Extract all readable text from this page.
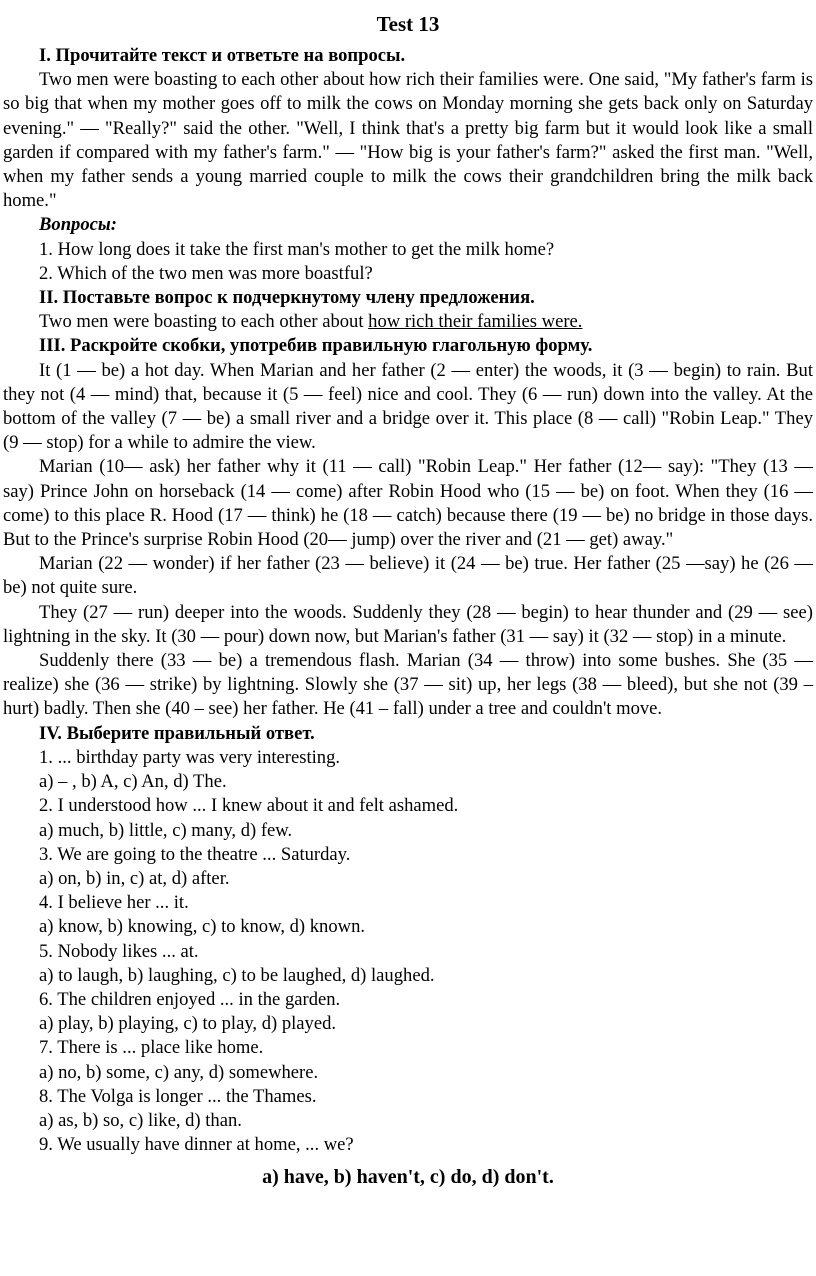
Test 13
I. Прочитайте текст и ответьте на вопросы.

Two men were boasting to each other about how rich their families were. One said, "My father's farm is so big that when my mother goes off to milk the cows on Monday morning she gets back only on Saturday evening." — "Really?" said the other. "Well, I think that's a pretty big farm but it would look like a small garden if compared with my father's farm." — "How big is your father's farm?" asked the first man. "Well, when my father sends a young married couple to milk the cows their grandchildren bring the milk back home."

Вопросы:
1. How long does it take the first man's mother to get the milk home?
2. Which of the two men was more boastful?
II. Поставьте вопрос к подчеркнутому члену предложения.
Two men were boasting to each other about how rich their families were.
III. Раскройте скобки, употребив правильную глагольную форму.

It (1 — be) a hot day. When Marian and her father (2 — enter) the woods, it (3 — begin) to rain. But they not (4 — mind) that, because it (5 — feel) nice and cool. They (6 — run) down into the valley. At the bottom of the valley (7 — be) a small river and a bridge over it. This place (8 — call) "Robin Leap." They (9 — stop) for a while to admire the view.

Marian (10— ask) her father why it (11 — call) "Robin Leap." Her father (12— say): "They (13 — say) Prince John on horseback (14 — come) after Robin Hood who (15 — be) on foot. When they (16 — come) to this place R. Hood (17 — think) he (18 — catch) because there (19 — be) no bridge in those days. But to the Prince's surprise Robin Hood (20— jump) over the river and (21 — get) away."

Marian (22 — wonder) if her father (23 — believe) it (24 — be) true. Her father (25 —say) he (26 — be) not quite sure.

They (27 — run) deeper into the woods. Suddenly they (28 — begin) to hear thunder and (29 — see) lightning in the sky. It (30 — pour) down now, but Marian's father (31 — say) it (32 — stop) in a minute.

Suddenly there (33 — be) a tremendous flash. Marian (34 — throw) into some bushes. She (35 — realize) she (36 — strike) by lightning. Slowly she (37 — sit) up, her legs (38 — bleed), but she not (39 – hurt) badly. Then she (40 – see) her father. He (41 – fall) under a tree and couldn't move.

IV. Выберите правильный ответ.
1. ... birthday party was very interesting.
a) – , b) A, c) An, d) The.
2. I understood how ... I knew about it and felt ashamed.
a) much, b) little, c) many, d) few.
3. We are going to the theatre ... Saturday.
a) on, b) in, c) at, d) after.
4. I believe her ... it.
a) know, b) knowing, c) to know, d) known.
5. Nobody likes ... at.
a) to laugh, b) laughing, c) to be laughed, d) laughed.
6. The children enjoyed ... in the garden.
a) play, b) playing, c) to play, d) played.
7. There is ... place like home.
a) no, b) some, c) any, d) somewhere.
8. The Volga is longer ... the Thames.
a) as, b) so, c) like, d) than.
9. We usually have dinner at home, ... we?
a) have, b) haven't, c) do, d) don't.
